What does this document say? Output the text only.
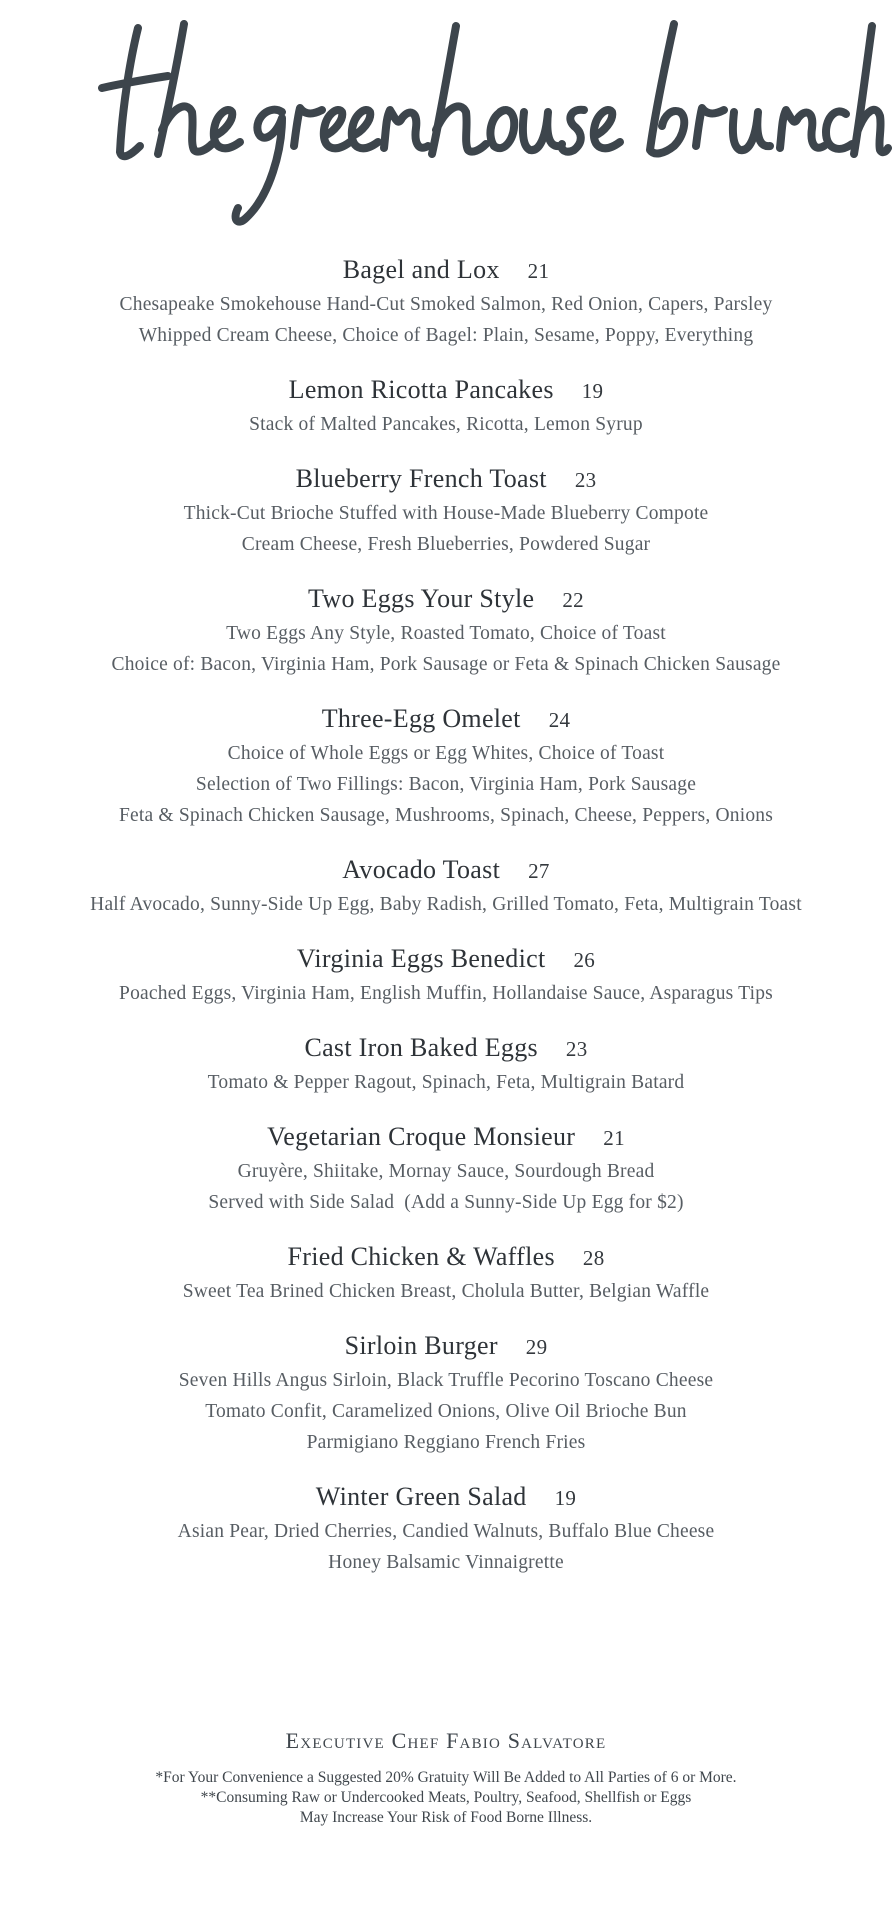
Bagel and Lox 21
Chesapeake Smokehouse Hand-Cut Smoked Salmon, Red Onion, Capers, Parsley
Whipped Cream Cheese, Choice of Bagel: Plain, Sesame, Poppy, Everything
Lemon Ricotta Pancakes 19
Stack of Malted Pancakes, Ricotta, Lemon Syrup
Blueberry French Toast 23
Thick-Cut Brioche Stuffed with House-Made Blueberry Compote
Cream Cheese, Fresh Blueberries, Powdered Sugar
Two Eggs Your Style 22
Two Eggs Any Style, Roasted Tomato, Choice of Toast
Choice of: Bacon, Virginia Ham, Pork Sausage or Feta & Spinach Chicken Sausage
Three-Egg Omelet 24
Choice of Whole Eggs or Egg Whites, Choice of Toast
Selection of Two Fillings: Bacon, Virginia Ham, Pork Sausage
Feta & Spinach Chicken Sausage, Mushrooms, Spinach, Cheese, Peppers, Onions
Avocado Toast 27
Half Avocado, Sunny-Side Up Egg, Baby Radish, Grilled Tomato, Feta, Multigrain Toast
Virginia Eggs Benedict 26
Poached Eggs, Virginia Ham, English Muffin, Hollandaise Sauce, Asparagus Tips
Cast Iron Baked Eggs 23
Tomato & Pepper Ragout, Spinach, Feta, Multigrain Batard
Vegetarian Croque Monsieur 21
Gruyère, Shiitake, Mornay Sauce, Sourdough Bread
Served with Side Salad  (Add a Sunny-Side Up Egg for $2)
Fried Chicken & Waffles 28
Sweet Tea Brined Chicken Breast, Cholula Butter, Belgian Waffle
Sirloin Burger 29
Seven Hills Angus Sirloin, Black Truffle Pecorino Toscano Cheese
Tomato Confit, Caramelized Onions, Olive Oil Brioche Bun
Parmigiano Reggiano French Fries
Winter Green Salad 19
Asian Pear, Dried Cherries, Candied Walnuts, Buffalo Blue Cheese
Honey Balsamic Vinnaigrette
Executive Chef Fabio Salvatore
*For Your Convenience a Suggested 20% Gratuity Will Be Added to All Parties of 6 or More.
**Consuming Raw or Undercooked Meats, Poultry, Seafood, Shellfish or Eggs
May Increase Your Risk of Food Borne Illness.
